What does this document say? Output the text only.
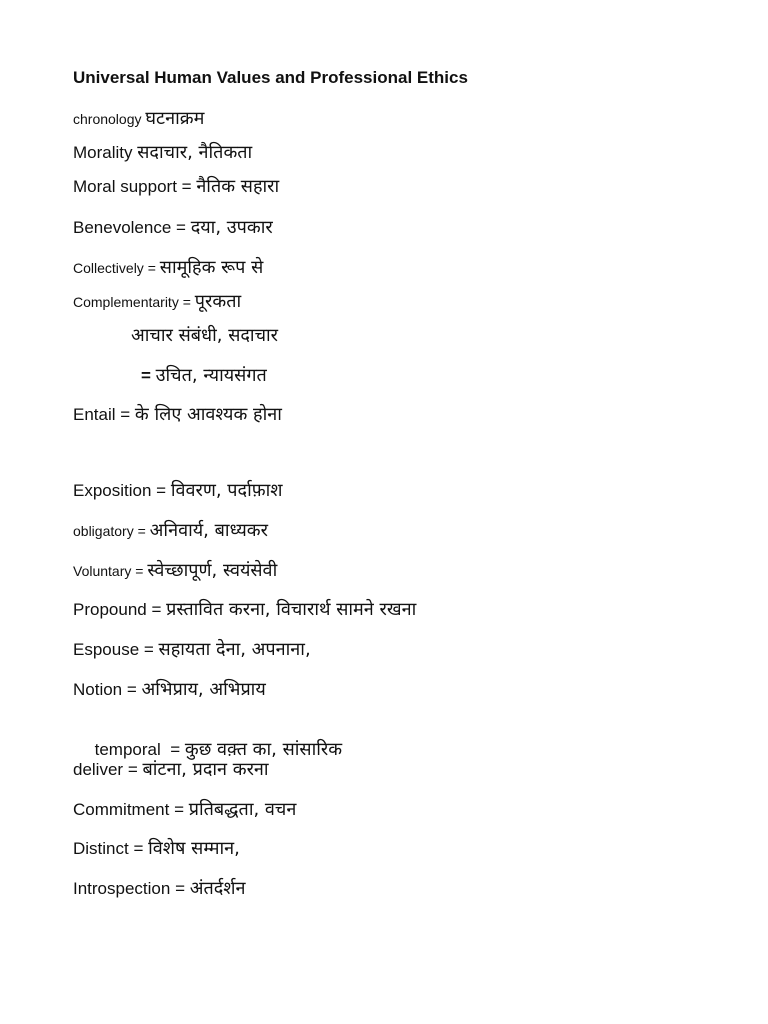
Universal Human Values and Professional Ethics
chronology घटनाक्रम
Morality सदाचार, नैतिकता
Moral support = नैतिक सहारा
Benevolence = दया, उपकार
Collectively = सामूहिक रूप से
Complementarity = पूरकता
आचार संबंधी, सदाचार
= उचित, न्यायसंगत
Entail = के लिए आवश्यक होना
Exposition = विवरण, पर्दाफ़ाश
obligatory = अनिवार्य, बाध्यकर
Voluntary = स्वेच्छापूर्ण, स्वयंसेवी
Propound = प्रस्तावित करना, विचारार्थ सामने रखना
Espouse = सहायता देना, अपनाना,
Notion = अभिप्राय, अभिप्राय

temporal  = कुछ वक़्त का, सांसारिक

deliver = बांटना, प्रदान करना
Commitment = प्रतिबद्धता, वचन
Distinct = विशेष सम्मान,
Introspection = अंतर्दर्शन
